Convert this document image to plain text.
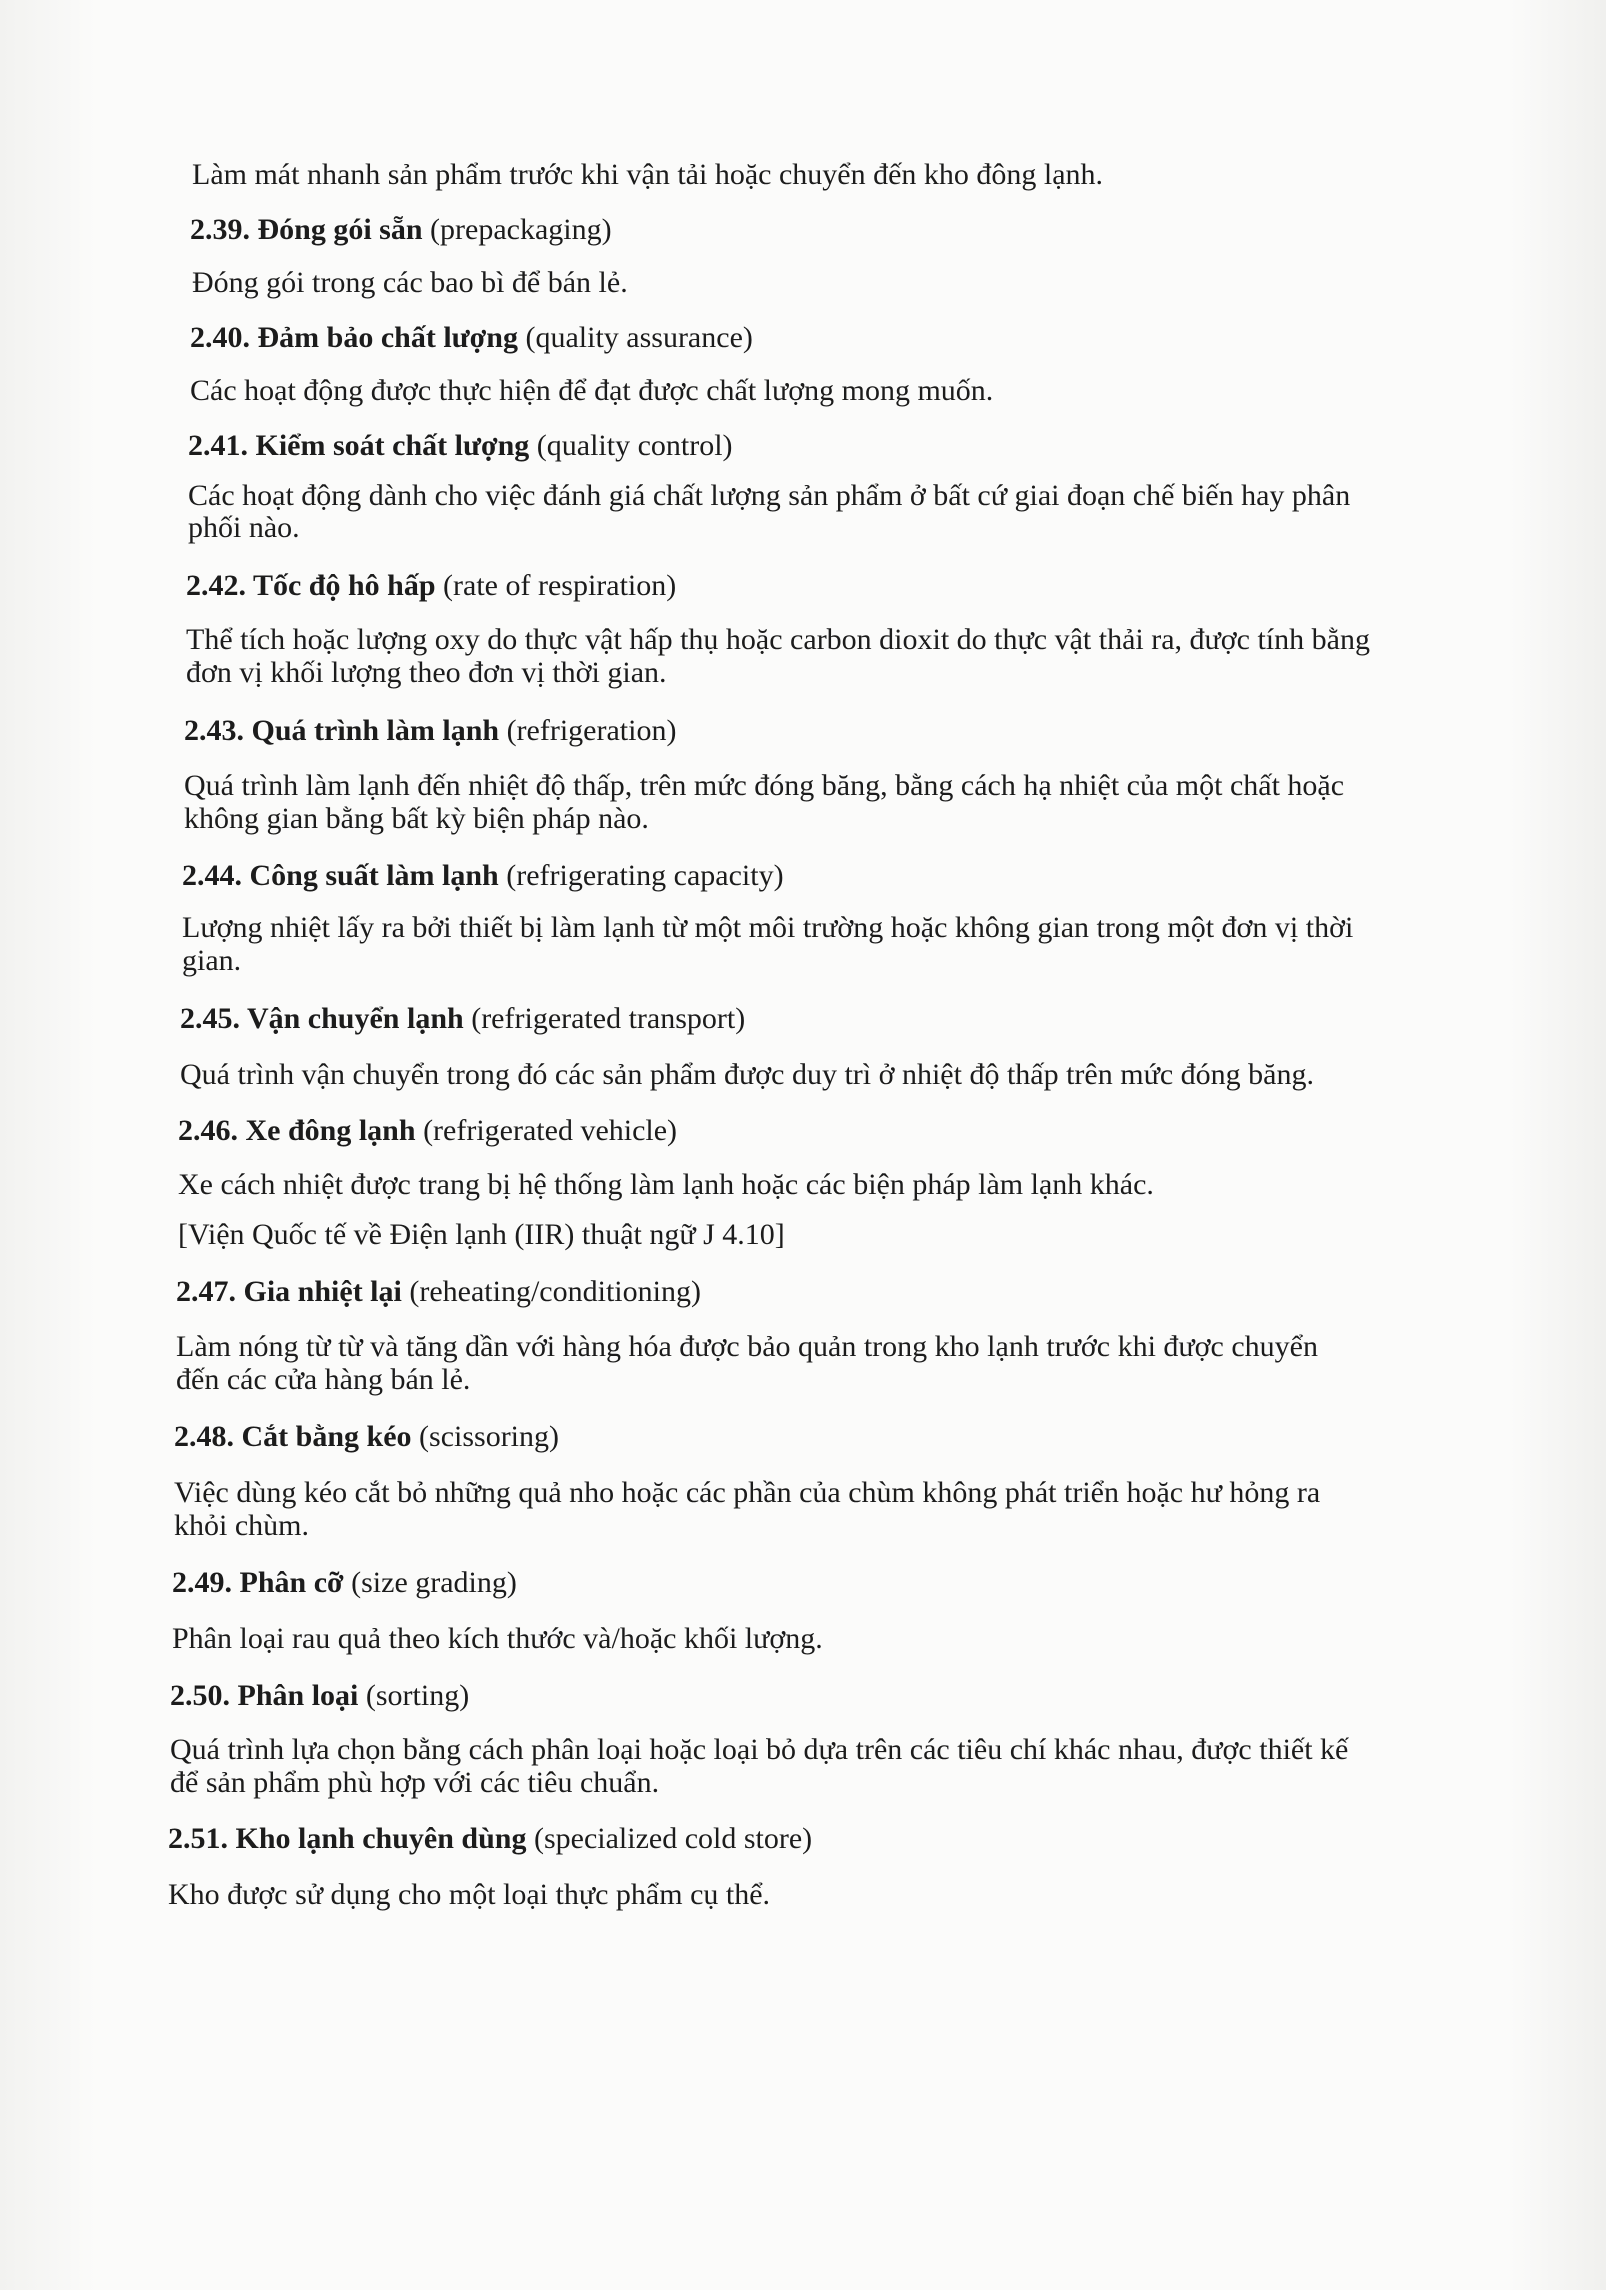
Làm mát nhanh sản phẩm trước khi vận tải hoặc chuyển đến kho đông lạnh.
2.39. Đóng gói sẵn (prepackaging)
Đóng gói trong các bao bì để bán lẻ.
2.40. Đảm bảo chất lượng (quality assurance)
Các hoạt động được thực hiện để đạt được chất lượng mong muốn.
2.41. Kiểm soát chất lượng (quality control)
Các hoạt động dành cho việc đánh giá chất lượng sản phẩm ở bất cứ giai đoạn chế biến hay phân
phối nào.
2.42. Tốc độ hô hấp (rate of respiration)
Thể tích hoặc lượng oxy do thực vật hấp thụ hoặc carbon dioxit do thực vật thải ra, được tính bằng
đơn vị khối lượng theo đơn vị thời gian.
2.43. Quá trình làm lạnh (refrigeration)
Quá trình làm lạnh đến nhiệt độ thấp, trên mức đóng băng, bằng cách hạ nhiệt của một chất hoặc
không gian bằng bất kỳ biện pháp nào.
2.44. Công suất làm lạnh (refrigerating capacity)
Lượng nhiệt lấy ra bởi thiết bị làm lạnh từ một môi trường hoặc không gian trong một đơn vị thời
gian.
2.45. Vận chuyển lạnh (refrigerated transport)
Quá trình vận chuyển trong đó các sản phẩm được duy trì ở nhiệt độ thấp trên mức đóng băng.
2.46. Xe đông lạnh (refrigerated vehicle)
Xe cách nhiệt được trang bị hệ thống làm lạnh hoặc các biện pháp làm lạnh khác.
[Viện Quốc tế về Điện lạnh (IIR) thuật ngữ J 4.10]
2.47. Gia nhiệt lại (reheating/conditioning)
Làm nóng từ từ và tăng dần với hàng hóa được bảo quản trong kho lạnh trước khi được chuyển
đến các cửa hàng bán lẻ.
2.48. Cắt bằng kéo (scissoring)
Việc dùng kéo cắt bỏ những quả nho hoặc các phần của chùm không phát triển hoặc hư hỏng ra
khỏi chùm.
2.49. Phân cỡ (size grading)
Phân loại rau quả theo kích thước và/hoặc khối lượng.
2.50. Phân loại (sorting)
Quá trình lựa chọn bằng cách phân loại hoặc loại bỏ dựa trên các tiêu chí khác nhau, được thiết kế
để sản phẩm phù hợp với các tiêu chuẩn.
2.51. Kho lạnh chuyên dùng (specialized cold store)
Kho được sử dụng cho một loại thực phẩm cụ thể.
